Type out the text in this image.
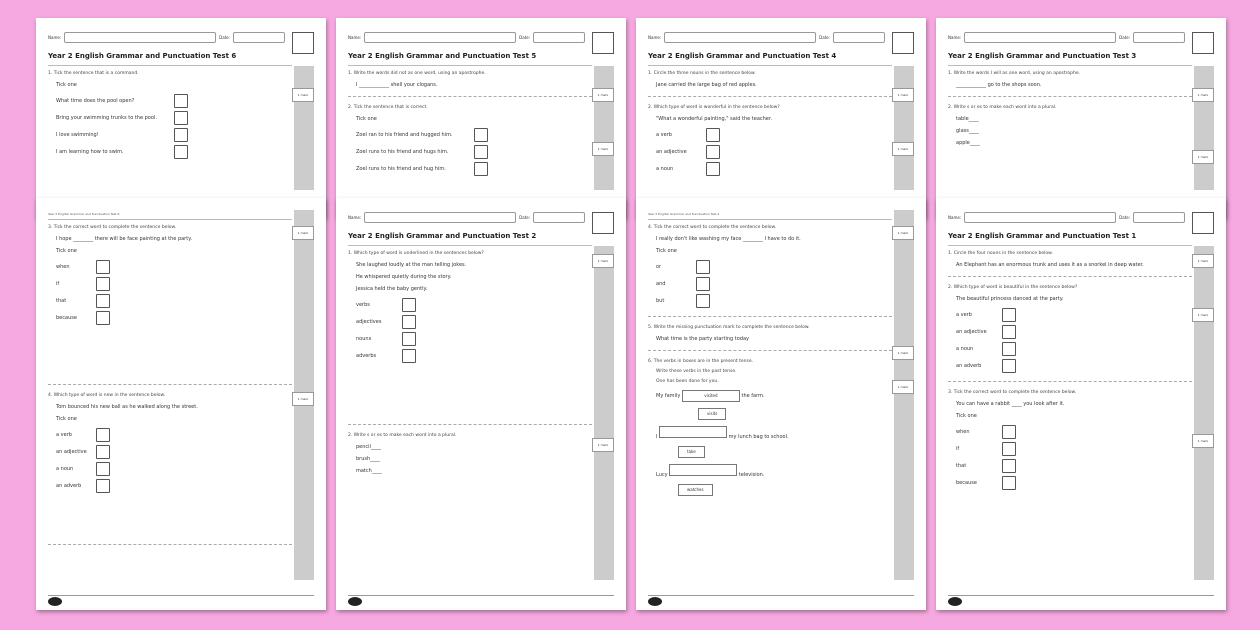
1 mark
Name:	Date:
Year 2 English Grammar and Punctuation Test 6
1. Tick the sentence that is a command.
Tick one
What time does the pool open?
Bring your swimming trunks to the pool.
I love swimming!
I am learning how to swim.
1 mark
1 mark
Name:	Date:
Year 2 English Grammar and Punctuation Test 5
1. Write the words did not as one word, using an apostrophe.
I ____________ shell your clogans.
2. Tick the sentence that is correct.
Tick one
Zoel ran to his friend and hugged him.
Zoel runs to his friend and hugs him.
Zoel runs to his friend and hug him.
1 mark
1 mark
Name:	Date:
Year 2 English Grammar and Punctuation Test 4
1. Circle the three nouns in the sentence below.
Jane carried the large bag of red apples.
2. Which type of word is wonderful in the sentence below?
"What a wonderful painting," said the teacher.
a verb
an adjective
a noun
1 mark
1 mark
Name:	Date:
Year 2 English Grammar and Punctuation Test 3
1. Write the words I will as one word, using an apostrophe.
____________ go to the shops soon.
2. Write s or es to make each word into a plural.
table____
glass____
apple____
1 mark
1 mark
Year 2 English Grammar and Punctuation Test 6
3. Tick the correct word to complete the sentence below.
I hope ________ there will be face painting at the party.
Tick one
when
if
that
because
4. Which type of word is new in the sentence below.
Tom bounced his new ball as he walked along the street.
Tick one
a verb
an adjective
a noun
an adverb
1 mark
1 mark
Name:	Date:
Year 2 English Grammar and Punctuation Test 2
1. Which type of word is underlined in the sentences below?
She laughed loudly at the man telling jokes.
He whispered quietly during the story.
Jessica held the baby gently.
verbs
adjectives
nouns
adverbs
2. Write s or es to make each word into a plural.
pencil____
brush____
match____
1 mark
1 mark
1 mark
Year 2 English Grammar and Punctuation Test 4
4. Tick the correct word to complete the sentence below.
I really don't like washing my face ________ I have to do it.
Tick one
or
and
but
5. Write the missing punctuation mark to complete the sentence below.
What time is the party starting today
6. The verbs in boxes are in the present tense.
Write these verbs in the past tense.
One has been done for you.
My family	visited	the farm.
visits
I	my lunch bag to school.
take
Lucy	television.
watches
1 mark
1 mark
1 mark
Name:	Date:
Year 2 English Grammar and Punctuation Test 1
1. Circle the four nouns in the sentence below.
An Elephant has an enormous trunk and uses it as a snorkel in deep water.
2. Which type of word is beautiful in the sentence below?
The beautiful princess danced at the party.
a verb
an adjective
a noun
an adverb
3. Tick the correct word to complete the sentence below.
You can have a rabbit ____ you look after it.
Tick one
when
if
that
because
